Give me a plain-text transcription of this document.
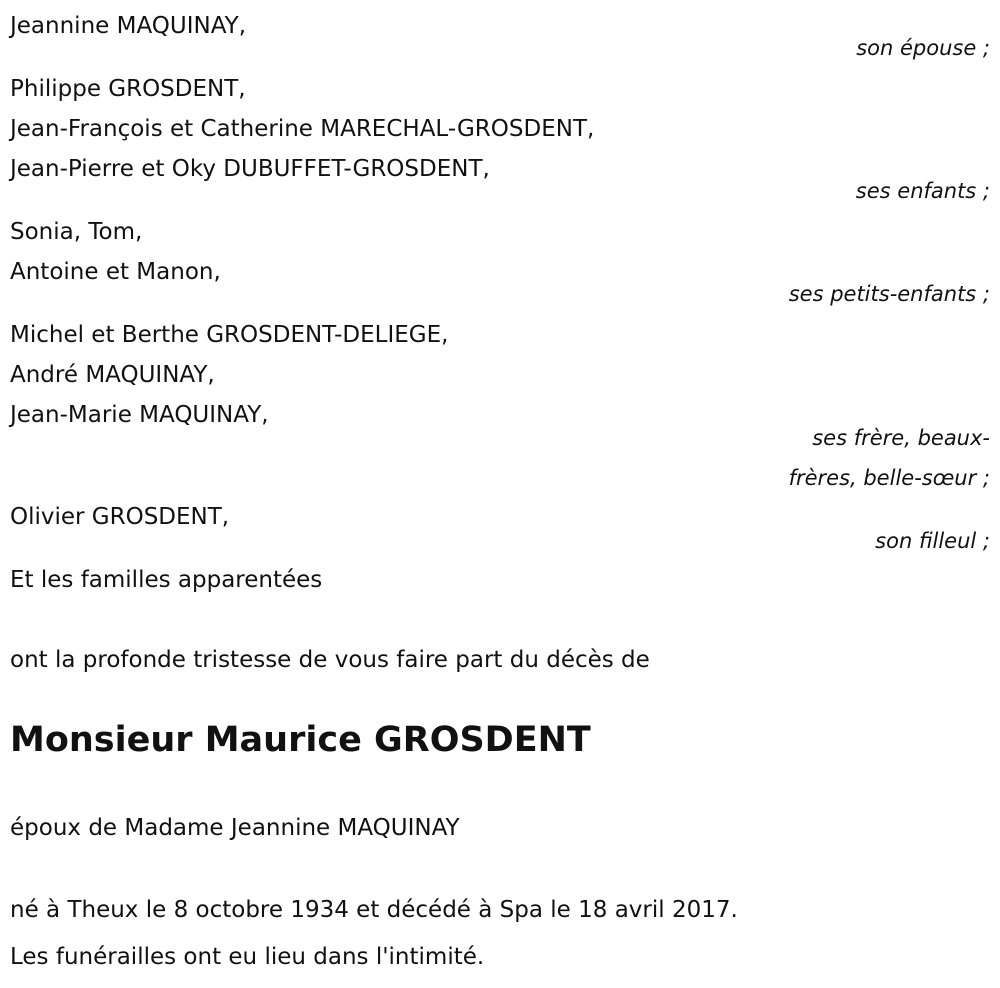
Jeannine MAQUINAY,
son épouse ;
Philippe GROSDENT,
Jean-François et Catherine MARECHAL-GROSDENT,
Jean-Pierre et Oky DUBUFFET-GROSDENT,
ses enfants ;
Sonia, Tom,
Antoine et Manon,
ses petits-enfants ;
Michel et Berthe GROSDENT-DELIEGE,
André MAQUINAY,
Jean-Marie MAQUINAY,
ses frère, beaux-
frères, belle-sœur ;
Olivier GROSDENT,
son filleul ;
Et les familles apparentées
ont la profonde tristesse de vous faire part du décès de
Monsieur Maurice GROSDENT
époux de Madame Jeannine MAQUINAY
né à Theux le 8 octobre 1934 et décédé à Spa le 18 avril 2017.
Les funérailles ont eu lieu dans l'intimité.
